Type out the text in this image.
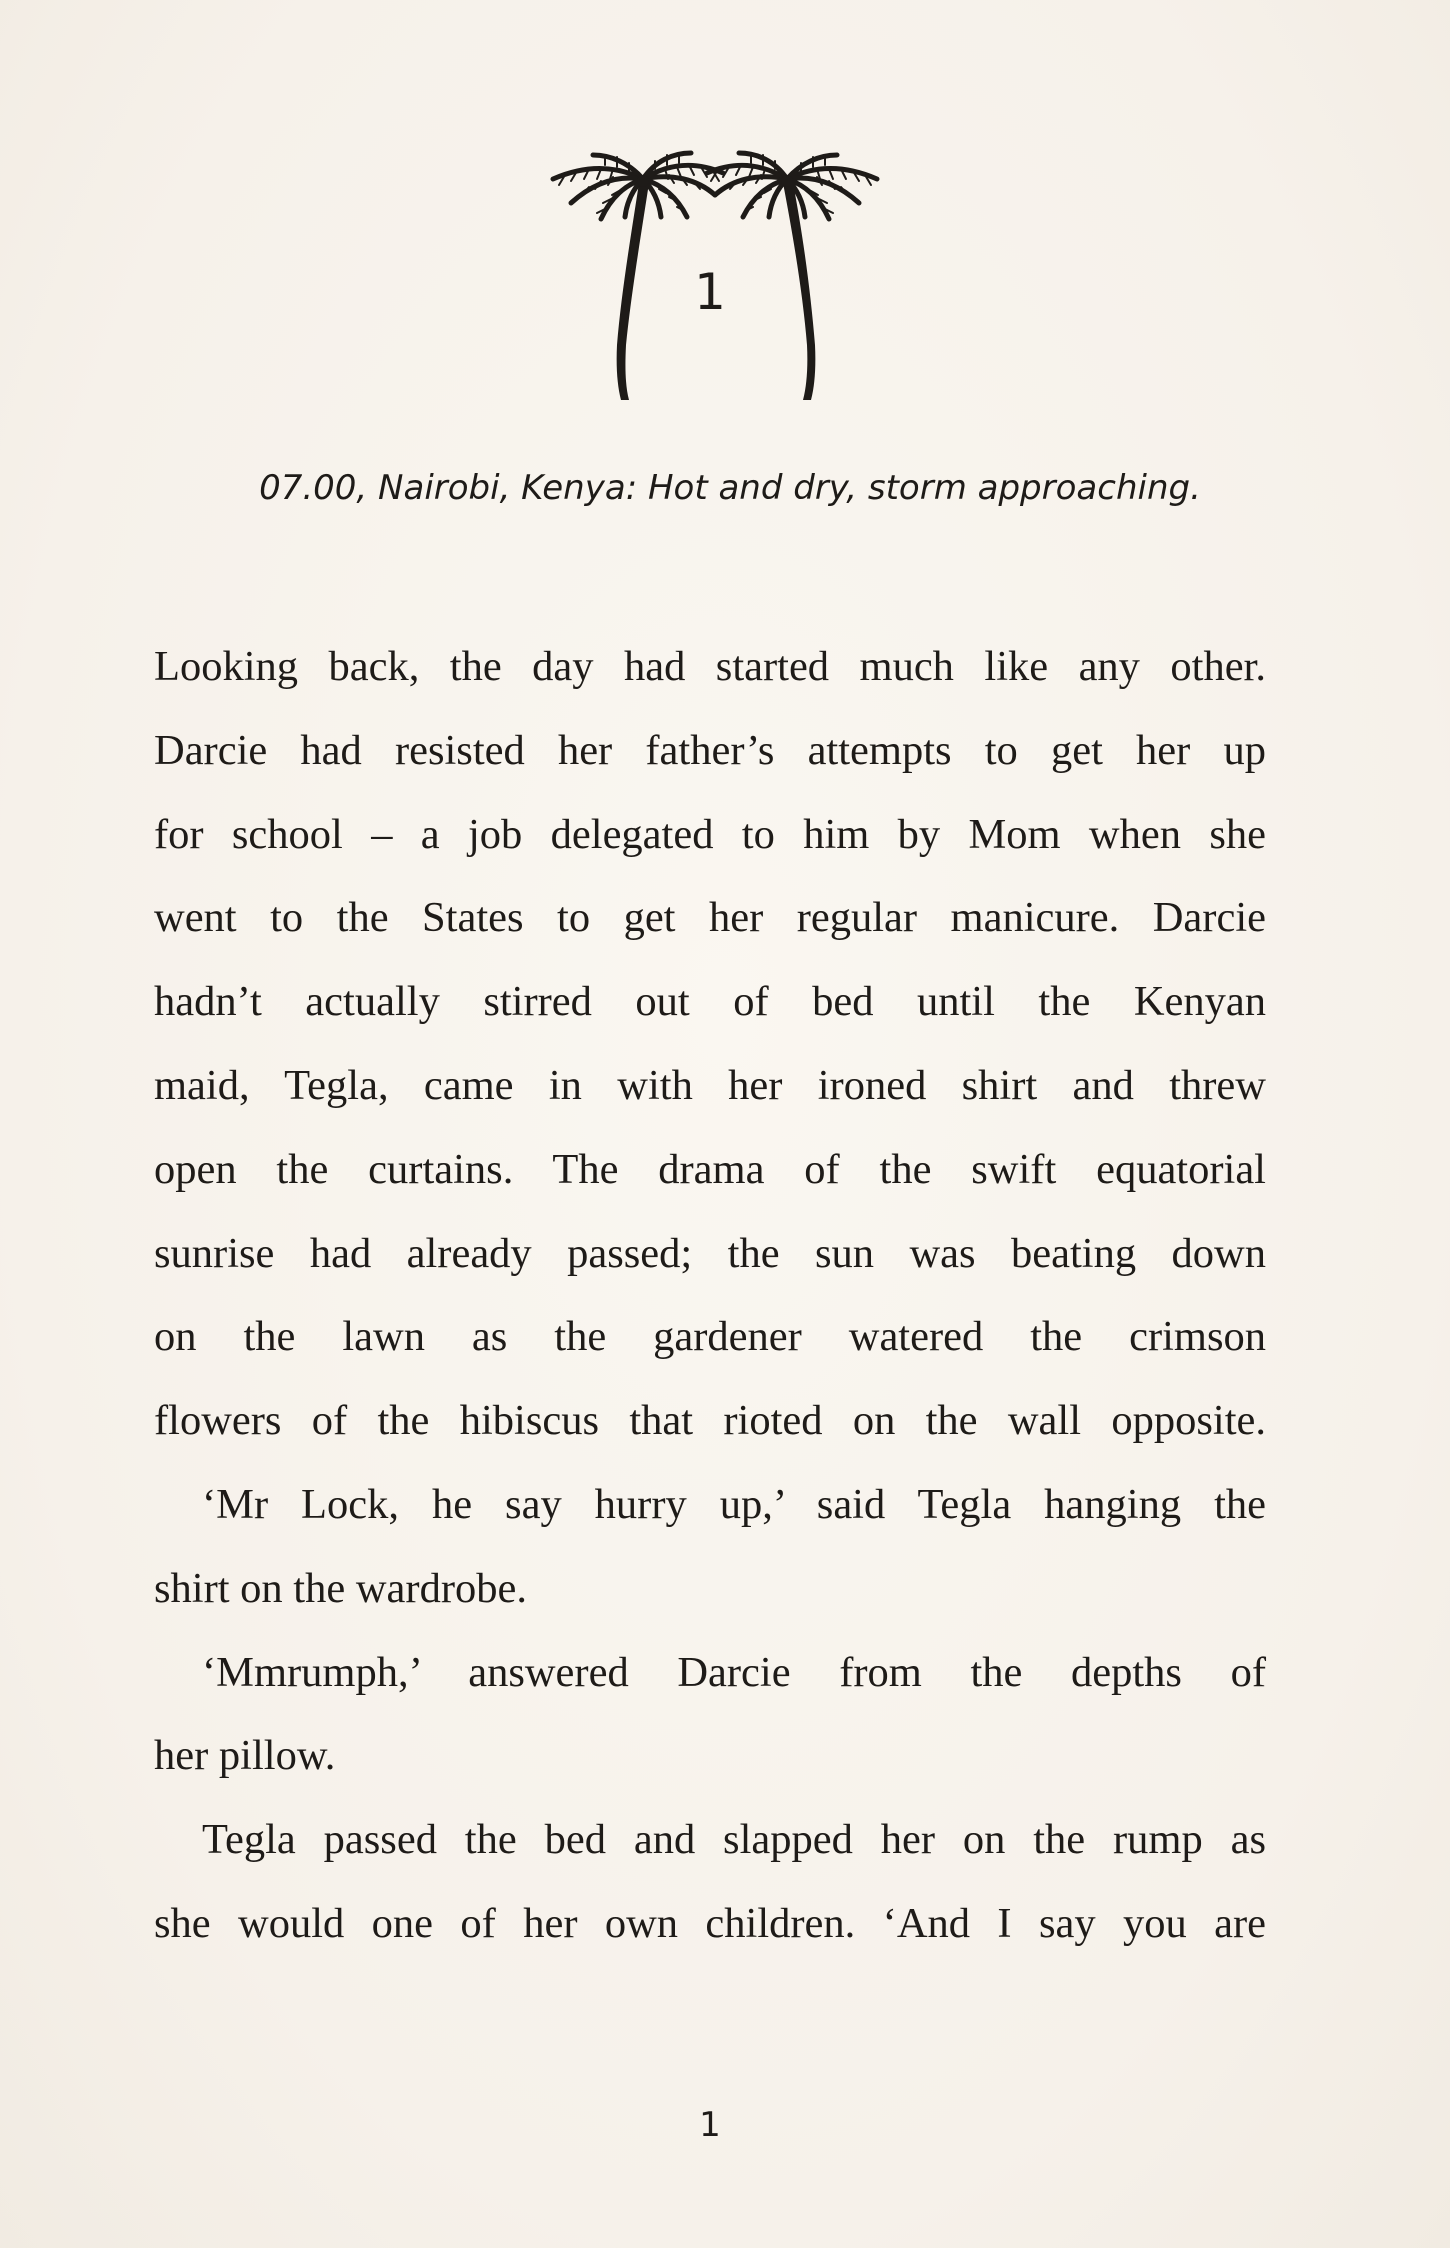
1
07.00, Nairobi, Kenya: Hot and dry, storm approaching.
Looking back, the day had started much like any other.
Darcie had resisted her father’s attempts to get her up
for school – a job delegated to him by Mom when she
went to the States to get her regular manicure. Darcie
hadn’t actually stirred out of bed until the Kenyan
maid, Tegla, came in with her ironed shirt and threw
open the curtains. The drama of the swift equatorial
sunrise had already passed; the sun was beating down
on the lawn as the gardener watered the crimson
flowers of the hibiscus that rioted on the wall opposite.
‘Mr Lock, he say hurry up,’ said Tegla hanging the
shirt on the wardrobe.
‘Mmrumph,’ answered Darcie from the depths of
her pillow.
Tegla passed the bed and slapped her on the rump as
she would one of her own children. ‘And I say you are
1
